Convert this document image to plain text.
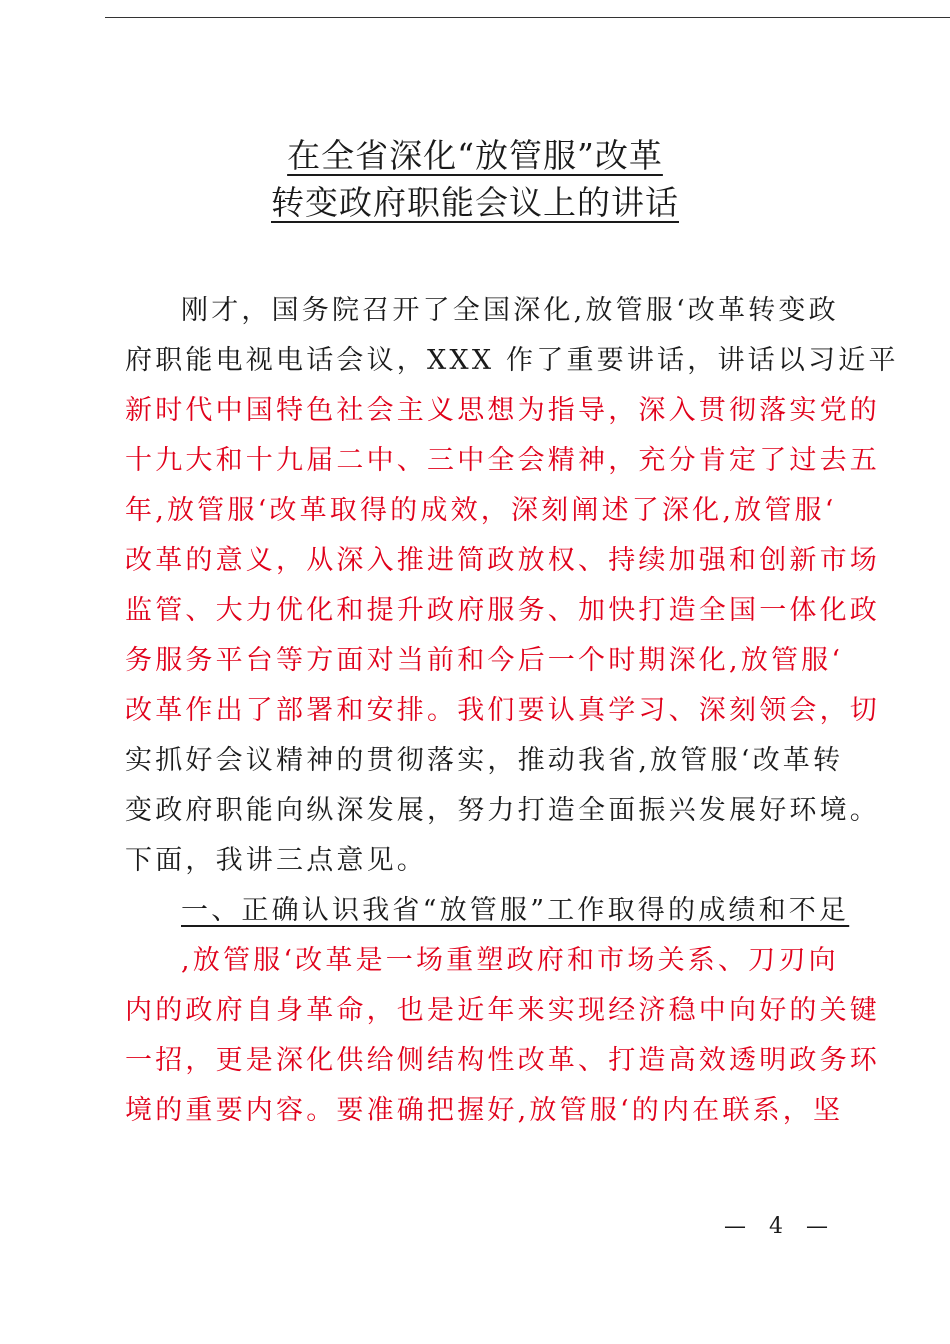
在全省深化“放管服”改革
转变政府职能会议上的讲话
刚才，国务院召开了全国深化,放管服‘改革转变政
府职能电视电话会议，XXX 作了重要讲话，讲话以习近平
新时代中国特色社会主义思想为指导，深入贯彻落实党的
十九大和十九届二中、三中全会精神，充分肯定了过去五
年,放管服‘改革取得的成效，深刻阐述了深化,放管服‘
改革的意义，从深入推进简政放权、持续加强和创新市场
监管、大力优化和提升政府服务、加快打造全国一体化政
务服务平台等方面对当前和今后一个时期深化,放管服‘
改革作出了部署和安排。我们要认真学习、深刻领会，切
实抓好会议精神的贯彻落实，推动我省,放管服‘改革转
变政府职能向纵深发展，努力打造全面振兴发展好环境。
下面，我讲三点意见。
一、正确认识我省“放管服”工作取得的成绩和不足
,放管服‘改革是一场重塑政府和市场关系、刀刃向
内的政府自身革命，也是近年来实现经济稳中向好的关键
一招，更是深化供给侧结构性改革、打造高效透明政务环
境的重要内容。要准确把握好,放管服‘的内在联系，坚
— 4 —
